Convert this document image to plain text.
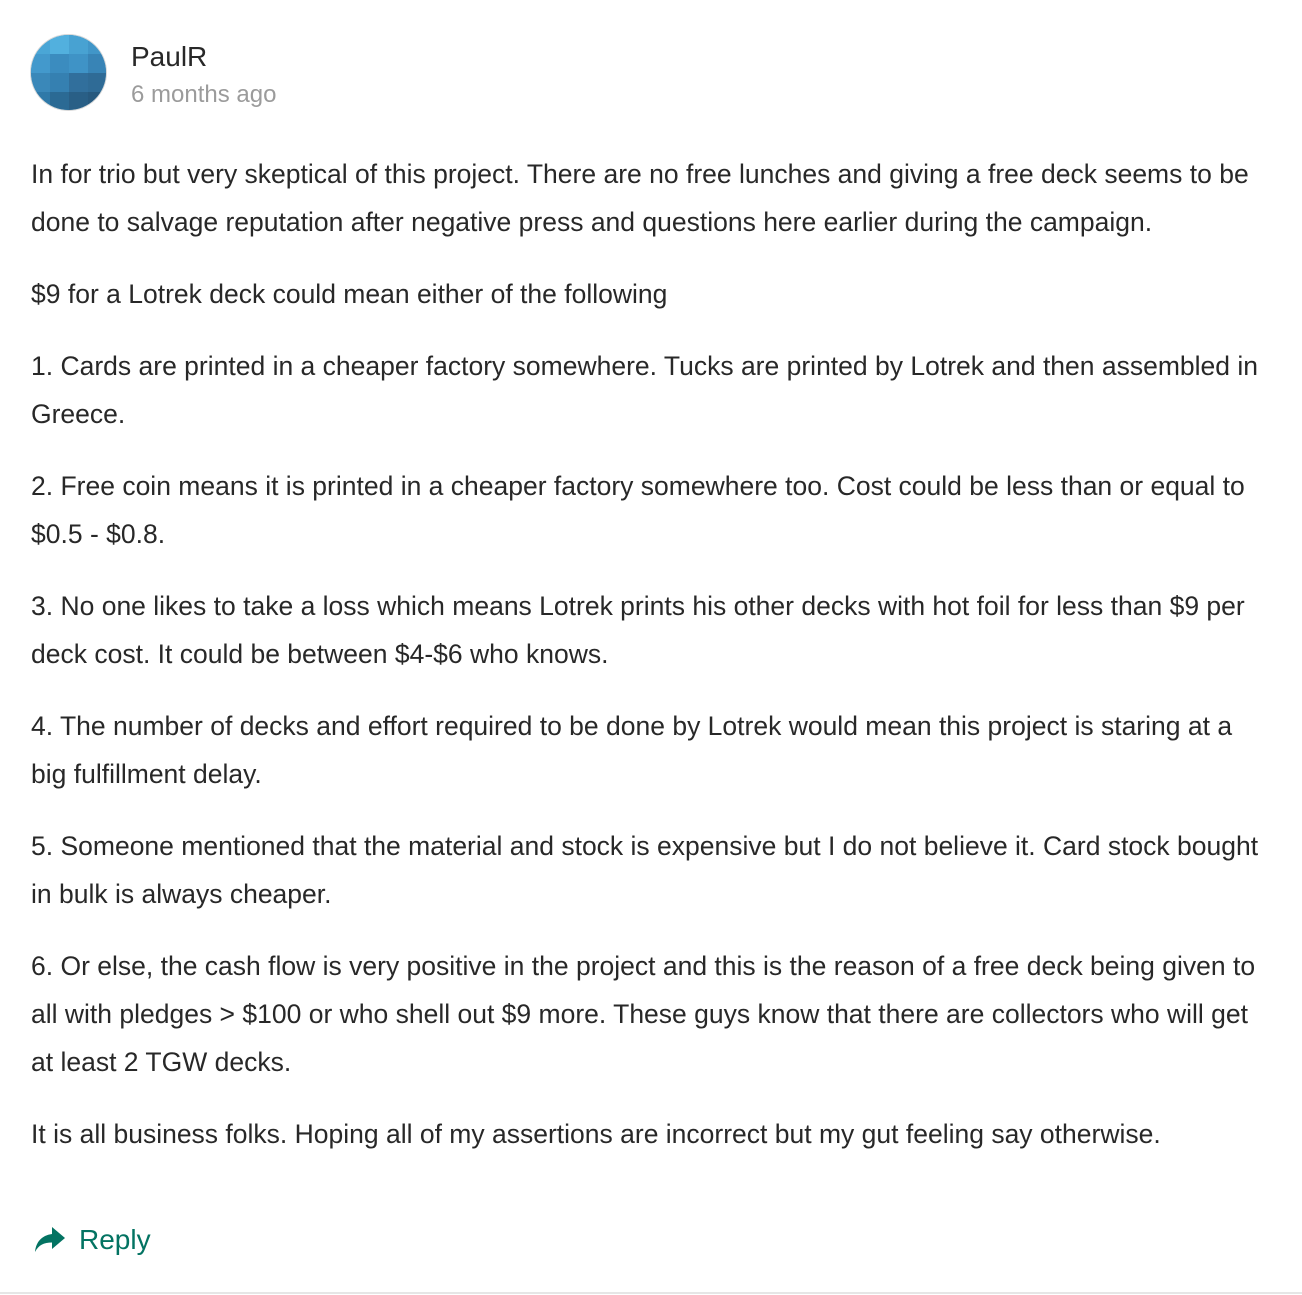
PaulR
6 months ago

In for trio but very skeptical of this project. There are no free lunches and giving a free deck seems to be done to salvage reputation after negative press and questions here earlier during the campaign.

$9 for a Lotrek deck could mean either of the following

1. Cards are printed in a cheaper factory somewhere. Tucks are printed by Lotrek and then assembled in Greece.

2. Free coin means it is printed in a cheaper factory somewhere too. Cost could be less than or equal to $0.5 - $0.8.

3. No one likes to take a loss which means Lotrek prints his other decks with hot foil for less than $9 per deck cost. It could be between $4-$6 who knows.

4. The number of decks and effort required to be done by Lotrek would mean this project is staring at a big fulfillment delay.

5. Someone mentioned that the material and stock is expensive but I do not believe it. Card stock bought in bulk is always cheaper.

6. Or else, the cash flow is very positive in the project and this is the reason of a free deck being given to all with pledges > $100 or who shell out $9 more. These guys know that there are collectors who will get at least 2 TGW decks.

It is all business folks. Hoping all of my assertions are incorrect but my gut feeling say otherwise.

Reply
